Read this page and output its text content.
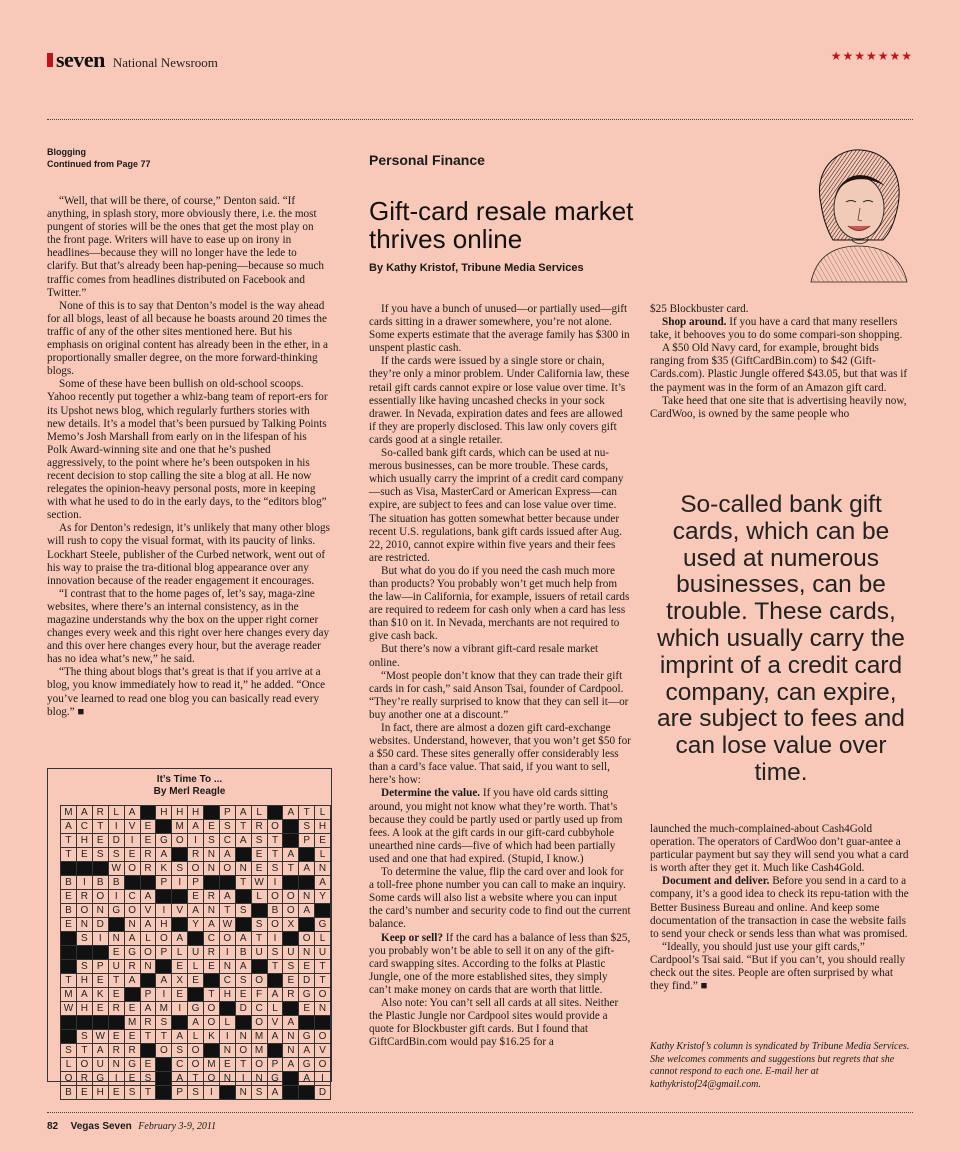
seven National Newsroom	★★★★★★★
Blogging
Continued from Page 77

“Well, that will be there, of course,” Denton said. “If anything, in splash story, more obviously there, i.e. the most pungent of stories will be the ones that get the most play on the front page. Writers will have to ease up on irony in headlines—because they will no longer have the lede to clarify. But that’s already been hap-pening—because so much traffic comes from headlines distributed on Facebook and Twitter.”

None of this is to say that Denton’s model is the way ahead for all blogs, least of all because he boasts around 20 times the traffic of any of the other sites mentioned here. But his emphasis on original content has already been in the ether, in a proportionally smaller degree, on the more forward-thinking blogs.

Some of these have been bullish on old-school scoops. Yahoo recently put together a whiz-bang team of report-ers for its Upshot news blog, which regularly furthers stories with new details. It’s a model that’s been pursued by Talking Points Memo’s Josh Marshall from early on in the lifespan of his Polk Award-winning site and one that he’s pushed aggressively, to the point where he’s been outspoken in his recent decision to stop calling the site a blog at all. He now relegates the opinion-heavy personal posts, more in keeping with what he used to do in the early days, to the “editors blog” section.

As for Denton’s redesign, it’s unlikely that many other blogs will rush to copy the visual format, with its paucity of links. Lockhart Steele, publisher of the Curbed network, went out of his way to praise the tra-ditional blog appearance over any innovation because of the reader engagement it encourages.

“I contrast that to the home pages of, let’s say, maga-zine websites, where there’s an internal consistency, as in the magazine understands why the box on the upper right corner changes every week and this right over here changes every day and this over here changes every hour, but the average reader has no idea what’s new,” he said.

“The thing about blogs that’s great is that if you arrive at a blog, you know immediately how to read it,” he added. “Once you’ve learned to read one blog you can basically read every blog.” ■

It’s Time To ...
By Merl Reagle
M	A	R	L	A		H	H	H		P	A	L		A	T	L
A	C	T	I	V	E		M	A	E	S	T	R	O		S	H
T	H	E	D	I	E	G	O	I	S	C	A	S	T		P	E
T	E	S	S	E	R	A		R	N	A		E	T	A		L
			W	O	R	K	S	O	N	O	N	E	S	T	A	N
B	I	B	B			P	I	P			T	W	I			A
E	R	O	I	C	A			E	R	A		L	O	O	N	Y
B	O	N	G	O	V	I	V	A	N	T	S		B	O	A	
E	N	D		N	A	H		Y	A	W		S	O	X		G
	S	I	N	A	L	O	A		C	O	A	T	I		O	L
			E	G	O	P	L	U	R	I	B	U	S	U	N	U
	S	P	U	R	N		E	L	E	N	A		T	S	E	T
T	H	E	T	A		A	X	E		C	S	O		E	D	T
M	A	K	E		P	I	E		T	H	E	F	A	R	G	O
W	H	E	R	E	A	M	I	G	O		D	C	L		E	N
				M	R	S		A	O	L		O	V	A		
	S	W	E	E	T	T	A	L	K	I	N	M	A	N	G	O
S	T	A	R	R		O	S	O		N	O	M		N	A	V
L	O	U	N	G	E		C	O	M	E	T	O	P	A	G	O
O	R	G	I	E	S		A	T	O	N	I	N	G		A	I
B	E	H	E	S	T		P	S	I		N	S	A			D
Personal Finance
Gift-card resale market
thrives online
By Kathy Kristof, Tribune Media Services

If you have a bunch of unused—or partially used—gift cards sitting in a drawer somewhere, you’re not alone. Some experts estimate that the average family has $300 in unspent plastic cash.

If the cards were issued by a single store or chain, they’re only a minor problem. Under California law, these retail gift cards cannot expire or lose value over time. It’s essentially like having uncashed checks in your sock drawer. In Nevada, expiration dates and fees are allowed if they are properly disclosed. This law only covers gift cards good at a single retailer.

So-called bank gift cards, which can be used at nu-merous businesses, can be more trouble. These cards, which usually carry the imprint of a credit card company—such as Visa, MasterCard or American Express—can expire, are subject to fees and can lose value over time. The situation has gotten somewhat better because under recent U.S. regulations, bank gift cards issued after Aug. 22, 2010, cannot expire within five years and their fees are restricted.

But what do you do if you need the cash much more than products? You probably won’t get much help from the law—in California, for example, issuers of retail cards are required to redeem for cash only when a card has less than $10 on it. In Nevada, merchants are not required to give cash back.

But there’s now a vibrant gift-card resale market online.

“Most people don’t know that they can trade their gift cards in for cash,” said Anson Tsai, founder of Cardpool. “They’re really surprised to know that they can sell it—or buy another one at a discount.”

In fact, there are almost a dozen gift card-exchange websites. Understand, however, that you won’t get $50 for a $50 card. These sites generally offer considerably less than a card’s face value. That said, if you want to sell, here’s how:

Determine the value. If you have old cards sitting around, you might not know what they’re worth. That’s because they could be partly used or partly used up from fees. A look at the gift cards in our gift-card cubbyhole unearthed nine cards—five of which had been partially used and one that had expired. (Stupid, I know.)

To determine the value, flip the card over and look for a toll-free phone number you can call to make an inquiry. Some cards will also list a website where you can input the card’s number and security code to find out the current balance.

Keep or sell? If the card has a balance of less than $25, you probably won’t be able to sell it on any of the gift-card swapping sites. According to the folks at Plastic Jungle, one of the more established sites, they simply can’t make money on cards that are worth that little.

Also note: You can’t sell all cards at all sites. Neither the Plastic Jungle nor Cardpool sites would provide a quote for Blockbuster gift cards. But I found that GiftCardBin.com would pay $16.25 for a

$25 Blockbuster card.

Shop around. If you have a card that many resellers take, it behooves you to do some compari-son shopping.

A $50 Old Navy card, for example, brought bids ranging from $35 (GiftCardBin.com) to $42 (Gift-Cards.com). Plastic Jungle offered $43.05, but that was if the payment was in the form of an Amazon gift card.

Take heed that one site that is advertising heavily now, CardWoo, is owned by the same people who

So-called bank gift cards, which can be used at numerous businesses, can be trouble. These cards, which usually carry the imprint of a credit card company, can expire, are subject to fees and can lose value over time.

launched the much-complained-about Cash4Gold operation. The operators of CardWoo don’t guar-antee a particular payment but say they will send you what a card is worth after they get it. Much like Cash4Gold.

Document and deliver. Before you send in a card to a company, it’s a good idea to check its repu-tation with the Better Business Bureau and online. And keep some documentation of the transaction in case the website fails to send your check or sends less than what was promised.

“Ideally, you should just use your gift cards,” Cardpool’s Tsai said. “But if you can’t, you should really check out the sites. People are often surprised by what they find.” ■

Kathy Kristof’s column is syndicated by Tribune Media Services. She welcomes comments and suggestions but regrets that she cannot respond to each one. E-mail her at kathykristof24@gmail.com.
82 Vegas Seven February 3-9, 2011
